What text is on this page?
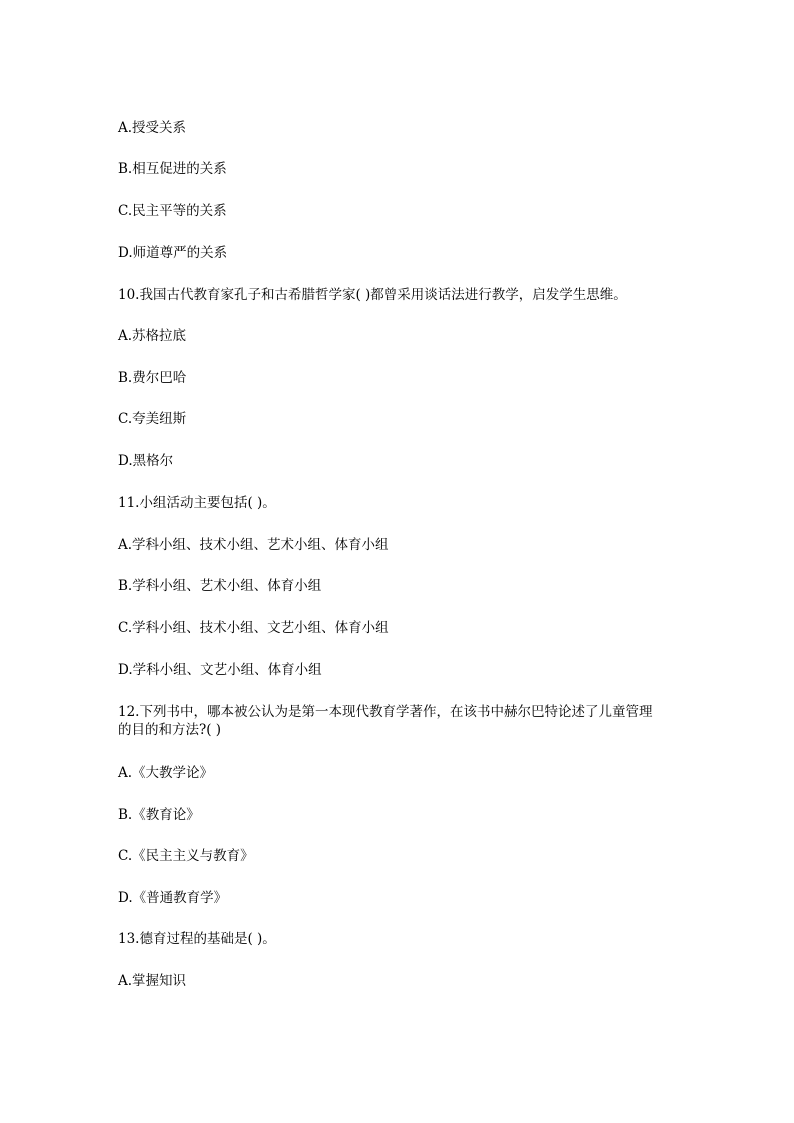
A.授受关系
B.相互促进的关系
C.民主平等的关系
D.师道尊严的关系
10.我国古代教育家孔子和古希腊哲学家( )都曾采用谈话法进行教学，启发学生思维。
A.苏格拉底
B.费尔巴哈
C.夸美纽斯
D.黑格尔
11.小组活动主要包括( )。
A.学科小组、技术小组、艺术小组、体育小组
B.学科小组、艺术小组、体育小组
C.学科小组、技术小组、文艺小组、体育小组
D.学科小组、文艺小组、体育小组
12.下列书中，哪本被公认为是第一本现代教育学著作，在该书中赫尔巴特论述了儿童管理
的目的和方法?( )
A.《大教学论》
B.《教育论》
C.《民主主义与教育》
D.《普通教育学》
13.德育过程的基础是( )。
A.掌握知识
